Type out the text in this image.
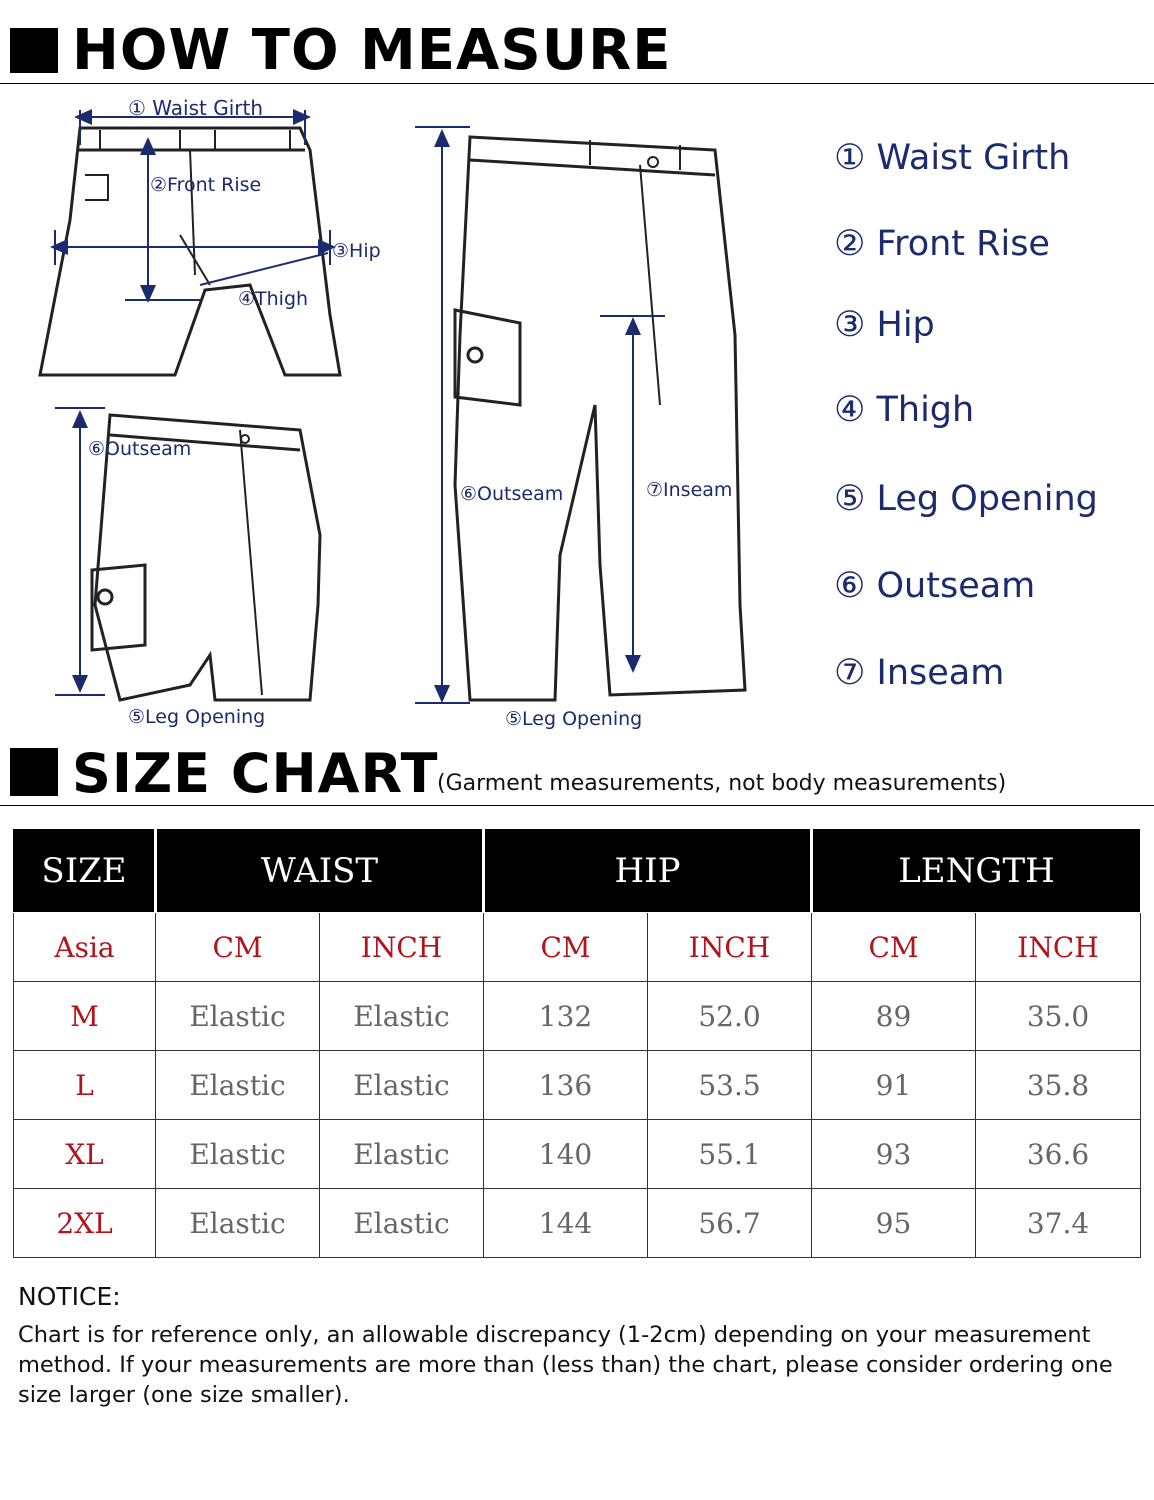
HOW TO MEASURE
① Waist Girth
②Front Rise
③Hip
④Thigh
⑥Outseam
⑤Leg Opening
⑥Outseam	⑦Inseam
⑤Leg Opening
① Waist Girth
② Front Rise
③ Hip
④ Thigh
⑤ Leg Opening
⑥ Outseam
⑦ Inseam
SIZE CHART
(Garment measurements, not body measurements)
SIZE	WAIST		HIP		LENGTH	
Asia	CM	INCH	CM	INCH	CM	INCH
M	Elastic	Elastic	132	52.0	89	35.0
L	Elastic	Elastic	136	53.5	91	35.8
XL	Elastic	Elastic	140	55.1	93	36.6
2XL	Elastic	Elastic	144	56.7	95	37.4
NOTICE:
Chart is for reference only, an allowable discrepancy (1-2cm) depending on your measurement method. If your measurements are more than (less than) the chart, please consider ordering one size larger (one size smaller).
